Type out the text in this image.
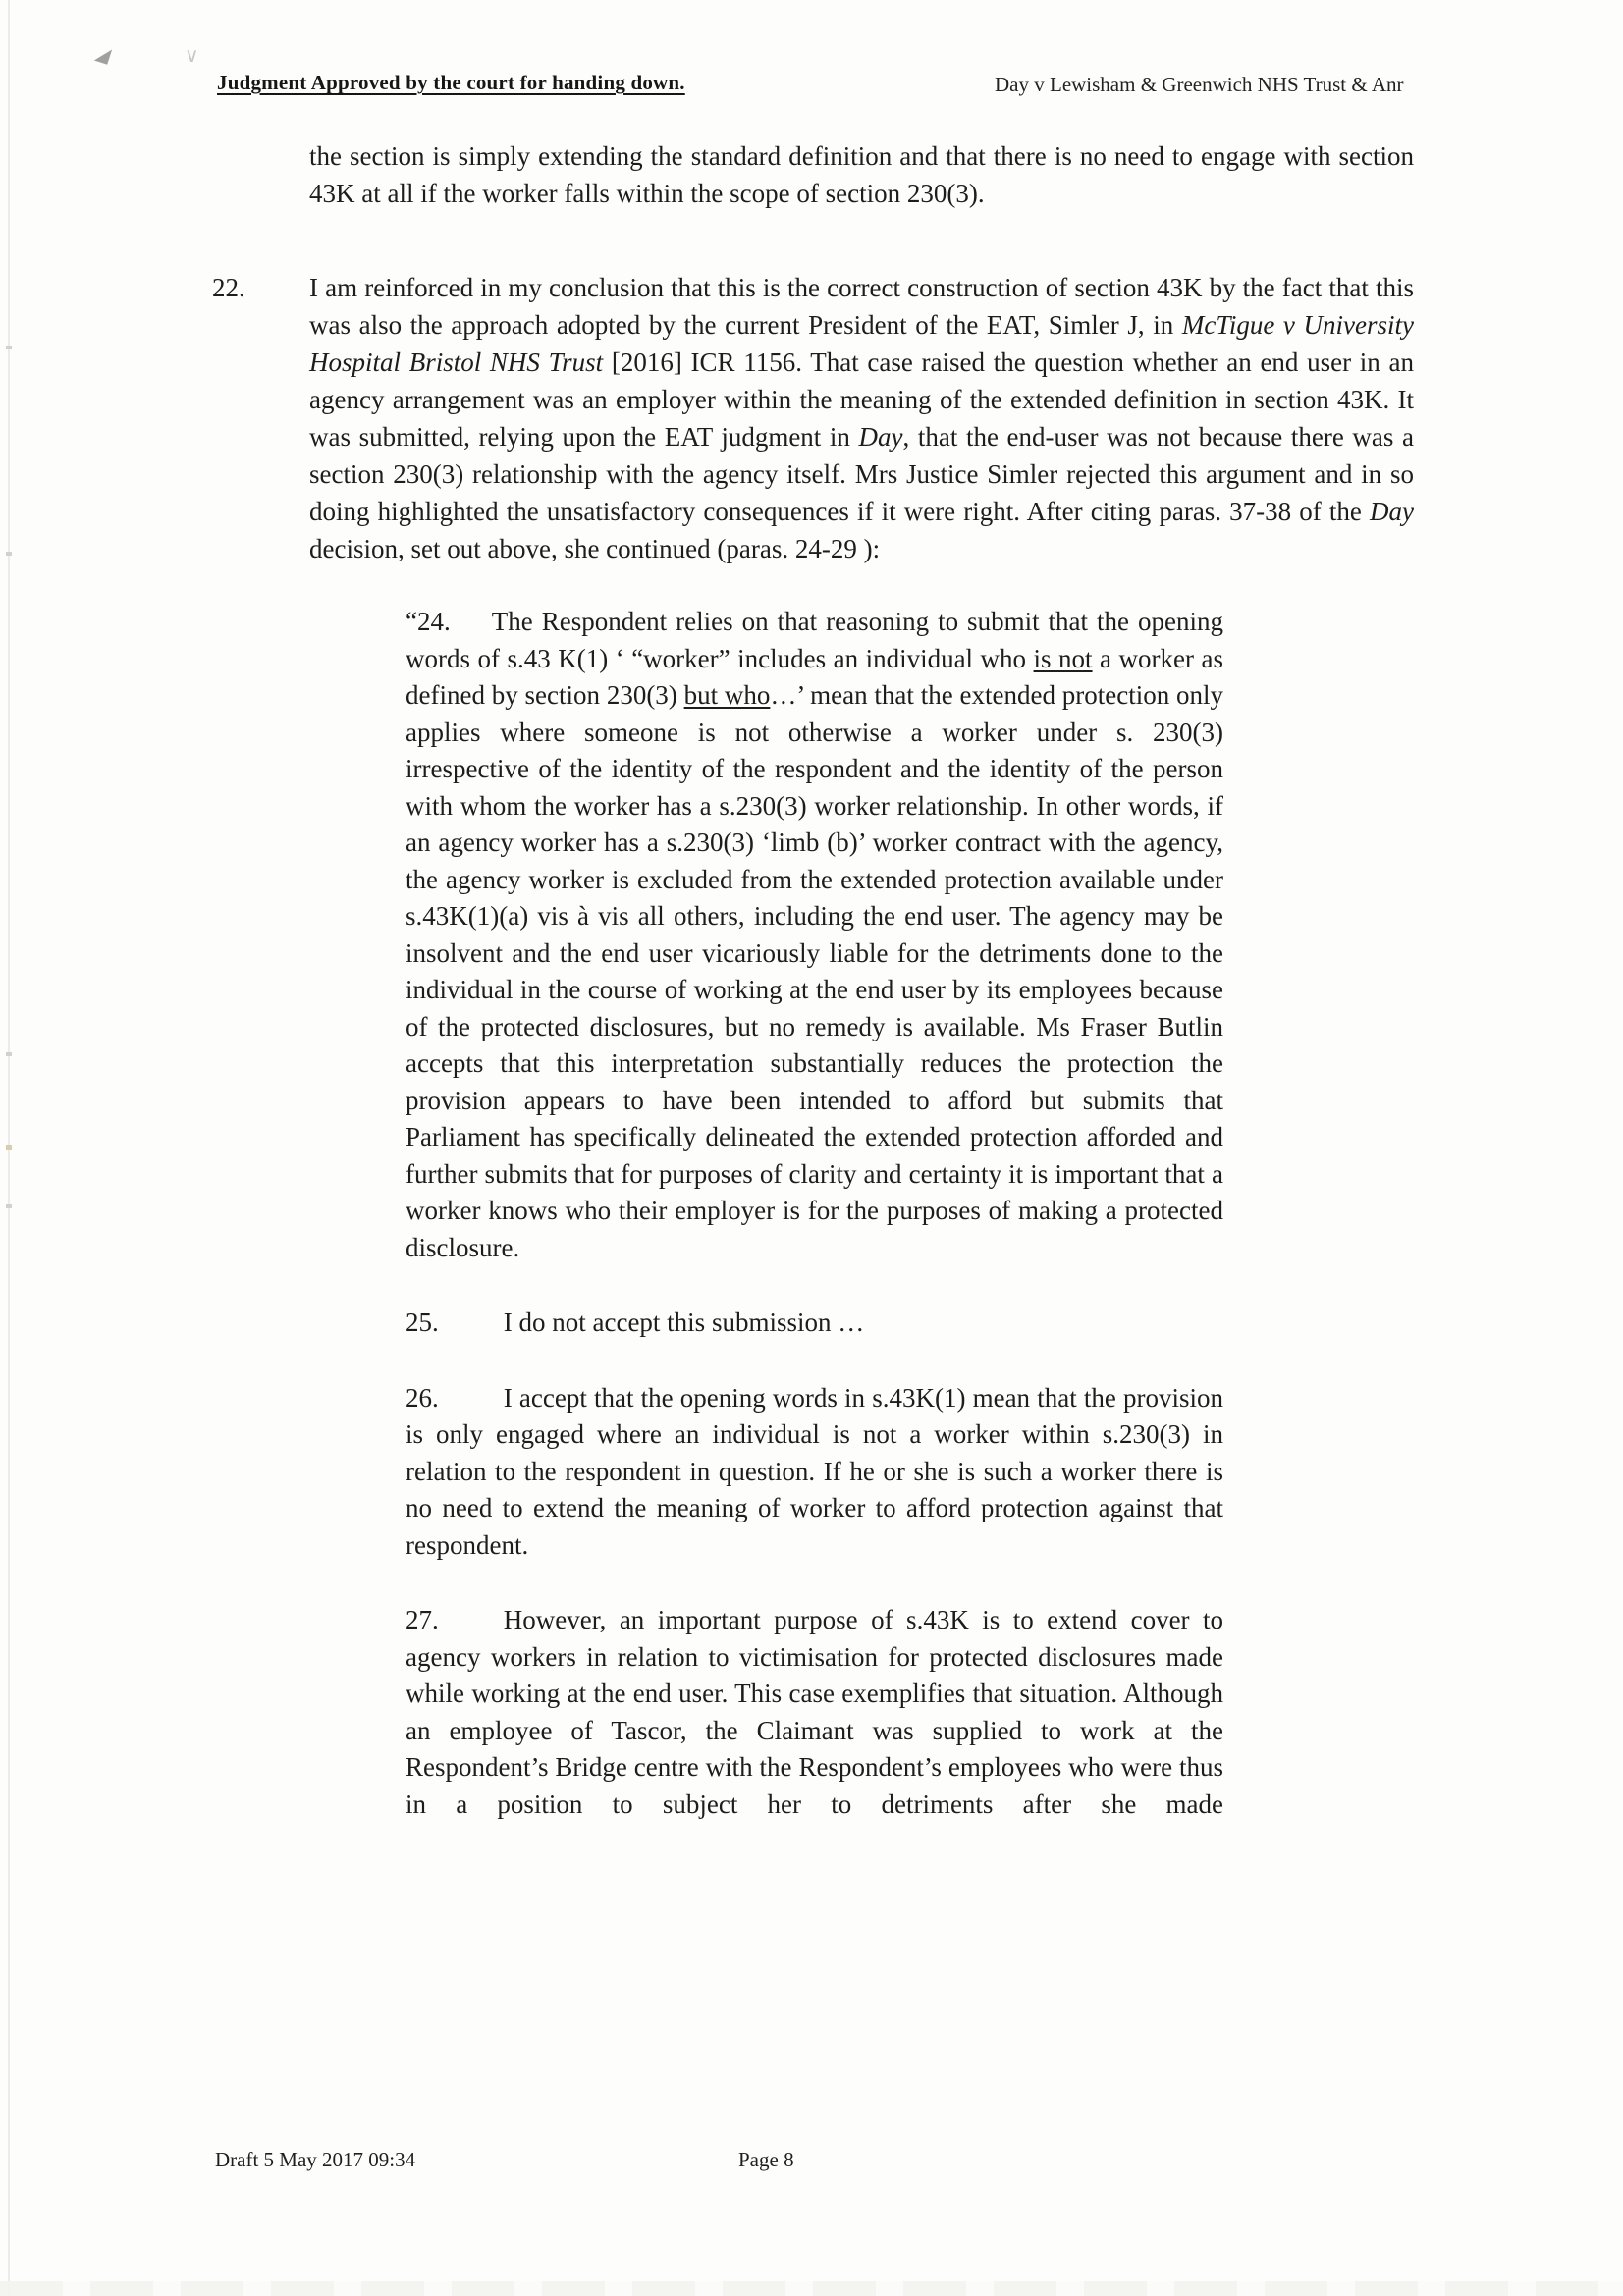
∨
Judgment Approved by the court for handing down.	Day v Lewisham & Greenwich NHS Trust & Anr

the section is simply extending the standard definition and that there is no need to engage with section 43K at all if the worker falls within the scope of section 230(3).

22. I am reinforced in my conclusion that this is the correct construction of section 43K by the fact that this was also the approach adopted by the current President of the EAT, Simler J, in McTigue v University Hospital Bristol NHS Trust [2016] ICR 1156. That case raised the question whether an end user in an agency arrangement was an employer within the meaning of the extended definition in section 43K. It was submitted, relying upon the EAT judgment in Day, that the end-user was not because there was a section 230(3) relationship with the agency itself. Mrs Justice Simler rejected this argument and in so doing highlighted the unsatisfactory consequences if it were right. After citing paras. 37-38 of the Day decision, set out above, she continued (paras. 24-29 ):

“24. The Respondent relies on that reasoning to submit that the opening words of s.43 K(1) ‘ “worker” includes an individual who is not a worker as defined by section 230(3) but who…’ mean that the extended protection only applies where someone is not otherwise a worker under s. 230(3) irrespective of the identity of the respondent and the identity of the person with whom the worker has a s.230(3) worker relationship. In other words, if an agency worker has a s.230(3) ‘limb (b)’ worker contract with the agency, the agency worker is excluded from the extended protection available under s.43K(1)(a) vis à vis all others, including the end user. The agency may be insolvent and the end user vicariously liable for the detriments done to the individual in the course of working at the end user by its employees because of the protected disclosures, but no remedy is available. Ms Fraser Butlin accepts that this interpretation substantially reduces the protection the provision appears to have been intended to afford but submits that Parliament has specifically delineated the extended protection afforded and further submits that for purposes of clarity and certainty it is important that a worker knows who their employer is for the purposes of making a protected disclosure.

25. I do not accept this submission …

26. I accept that the opening words in s.43K(1) mean that the provision is only engaged where an individual is not a worker within s.230(3) in relation to the respondent in question. If he or she is such a worker there is no need to extend the meaning of worker to afford protection against that respondent.

27. However, an important purpose of s.43K is to extend cover to agency workers in relation to victimisation for protected disclosures made while working at the end user. This case exemplifies that situation. Although an employee of Tascor, the Claimant was supplied to work at the Respondent’s Bridge centre with the Respondent’s employees who were thus in a position to subject her to detriments after she made

Draft 5 May 2017 09:34	Page 8
